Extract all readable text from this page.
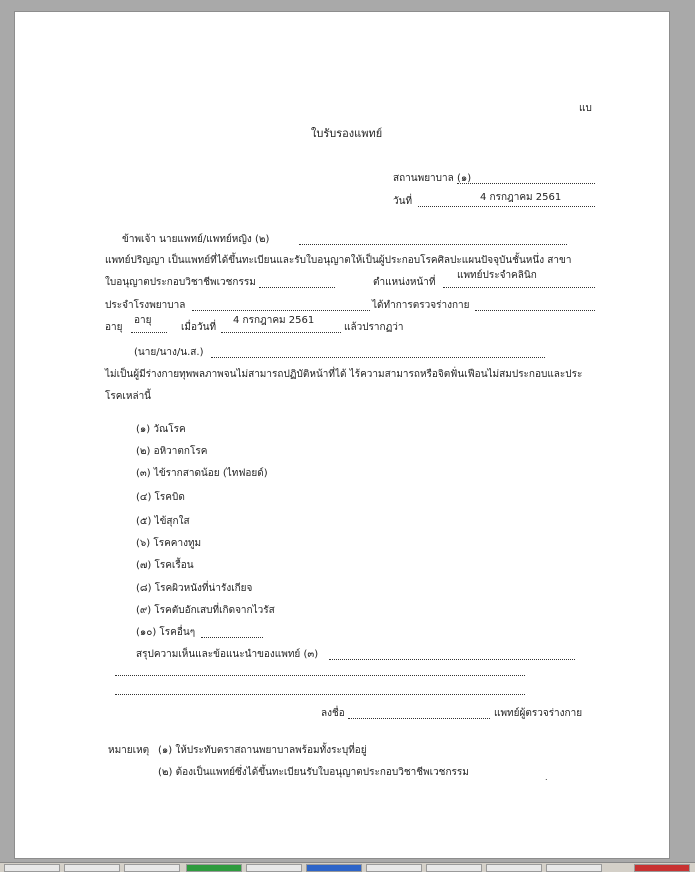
แบ
ใบรับรองแพทย์
สถานพยาบาล (๑)
วันที่	4 กรกฎาคม 2561
ข้าพเจ้า นายแพทย์/แพทย์หญิง (๒)
แพทย์ปริญญา เป็นแพทย์ที่ได้ขึ้นทะเบียนและรับใบอนุญาตให้เป็นผู้ประกอบโรคศิลปะแผนปัจจุบันชั้นหนึ่ง สาขา
ใบอนุญาตประกอบวิชาชีพเวชกรรม	ตำแหน่งหน้าที่
แพทย์ประจำคลินิก
ประจำโรงพยาบาล	ได้ทำการตรวจร่างกาย
อายุ
อายุ
เมื่อวันที่
4 กรกฎาคม 2561
แล้วปรากฏว่า
(นาย/นาง/น.ส.)
ไม่เป็นผู้มีร่างกายทุพพลภาพจนไม่สามารถปฏิบัติหน้าที่ได้ ไร้ความสามารถหรือจิตฟั่นเฟือนไม่สมประกอบและประ
โรคเหล่านี้
(๑) วัณโรค
(๒) อหิวาตกโรค
(๓) ไข้รากสาดน้อย (ไทฟอยด์)
(๔) โรคบิด
(๕) ไข้สุกใส
(๖) โรคคางทูม
(๗) โรคเรื้อน
(๘) โรคผิวหนังที่น่ารังเกียจ
(๙) โรคตับอักเสบที่เกิดจากไวรัส
(๑๐) โรคอื่นๆ
สรุปความเห็นและข้อแนะนำของแพทย์ (๓)
ลงชื่อ	แพทย์ผู้ตรวจร่างกาย
หมายเหตุ (๑) ให้ประทับตราสถานพยาบาลพร้อมทั้งระบุที่อยู่
(๒) ต้องเป็นแพทย์ซึ่งได้ขึ้นทะเบียนรับใบอนุญาตประกอบวิชาชีพเวชกรรม	.
